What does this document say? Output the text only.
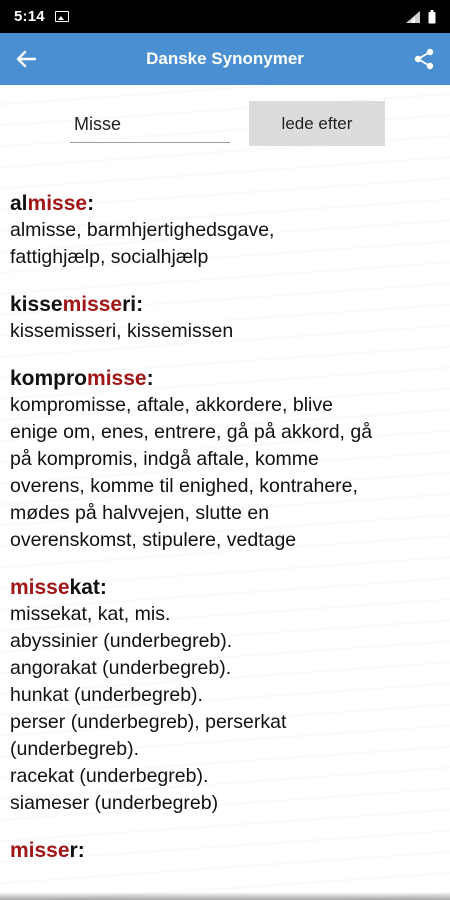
5:14
Danske Synonymer
Misse
lede efter
almisse:
almisse, barmhjertighedsgave,
fattighjælp, socialhjælp
kissemisseri:
kissemisseri, kissemissen
kompromisse:
kompromisse, aftale, akkordere, blive
enige om, enes, entrere, gå på akkord, gå
på kompromis, indgå aftale, komme
overens, komme til enighed, kontrahere,
mødes på halvvejen, slutte en
overenskomst, stipulere, vedtage
missekat:
missekat, kat, mis.
abyssinier (underbegreb).
angorakat (underbegreb).
hunkat (underbegreb).
perser (underbegreb), perserkat
(underbegreb).
racekat (underbegreb).
siameser (underbegreb)
misser:
